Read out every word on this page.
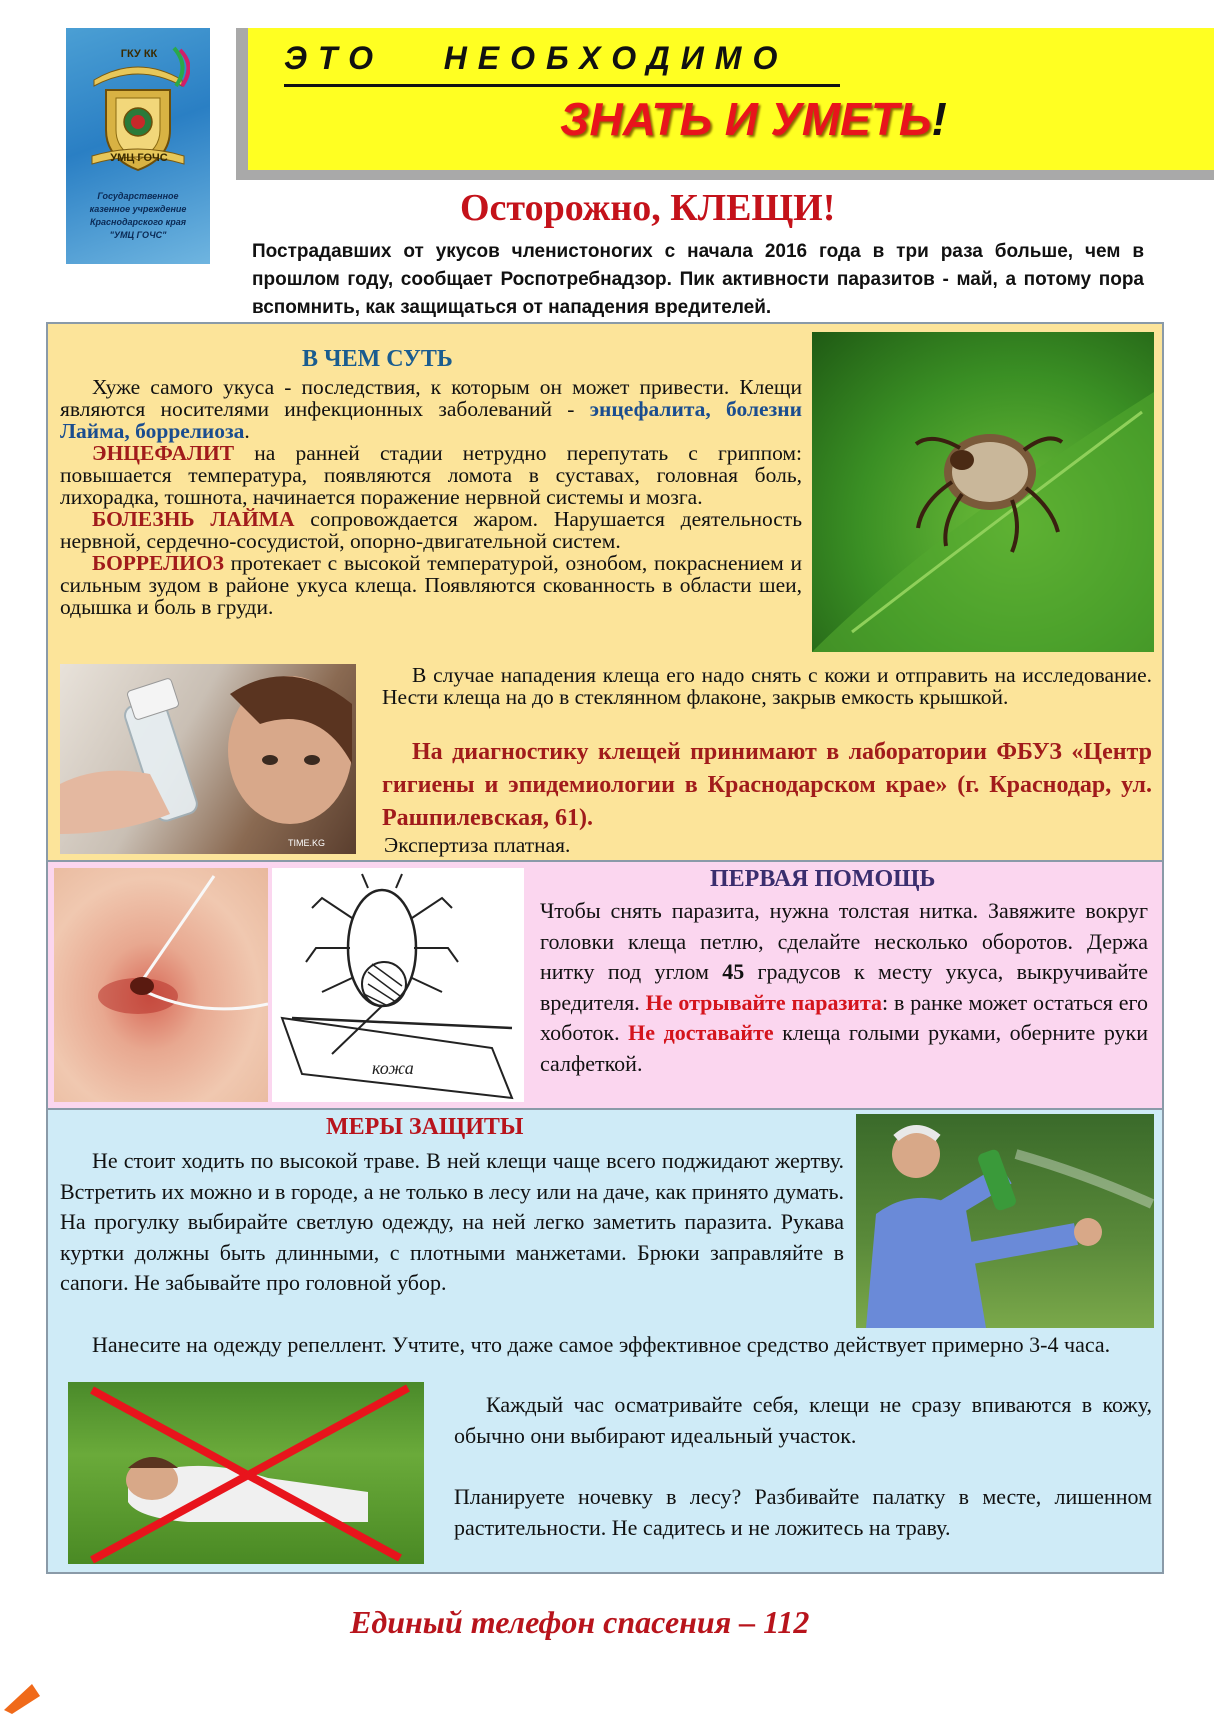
ГКУ КК
УМЦ ГОЧС
Государственное
казенное учреждение
Краснодарского края
"УМЦ ГОЧС"
ЭТО   НЕОБХОДИМО
ЗНАТЬ И УМЕТЬ!
Осторожно, КЛЕЩИ!
Пострадавших от укусов членистоногих с начала 2016 года в три раза больше, чем в прошлом году, сообщает Роспотребнадзор. Пик активности паразитов - май, а потому пора вспомнить, как защищаться от нападения вредителей.
В ЧЕМ СУТЬ
Хуже самого укуса - последствия, к которым он может привести. Клещи являются носителями инфекционных заболеваний - энцефалита, болезни Лайма, боррелиоза.
ЭНЦЕФАЛИТ на ранней стадии нетрудно перепутать с гриппом: повышается температура, появляются ломота в суставах, головная боль, лихорадка, тошнота, начинается поражение нервной системы и мозга.
БОЛЕЗНЬ ЛАЙМА сопровождается жаром. Нарушается деятельность нервной, сердечно-сосудистой, опорно-двигательной систем.
БОРРЕЛИОЗ протекает с высокой температурой, ознобом, покраснением и сильным зудом в районе укуса клеща. Появляются скованность в области шеи, одышка и боль в груди.
TIME.KG
В случае нападения клеща его надо снять с кожи и отправить на исследование. Нести клеща на до в стеклянном флаконе, закрыв емкость крышкой.
На диагностику клещей принимают в лаборатории ФБУЗ «Центр гигиены и эпидемиологии в Краснодарском крае» (г. Краснодар, ул. Рашпилевская, 61).
Экспертиза платная.
кожа
ПЕРВАЯ ПОМОЩЬ
Чтобы снять паразита, нужна толстая нитка. Завяжите вокруг головки клеща петлю, сделайте несколько оборотов. Держа нитку под углом 45 градусов к месту укуса, выкручивайте вредителя. Не отрывайте паразита: в ранке может остаться его хоботок. Не доставайте клеща голыми руками, оберните руки салфеткой.
МЕРЫ ЗАЩИТЫ
Не стоит ходить по высокой траве. В ней клещи чаще всего поджидают жертву. Встретить их можно и в городе, а не только в лесу или на даче, как принято думать. На прогулку выбирайте светлую одежду, на ней легко заметить паразита. Рукава куртки должны быть длинными, с плотными манжетами. Брюки заправляйте в сапоги. Не забывайте про головной убор.
Нанесите на одежду репеллент. Учтите, что даже самое эффективное средство действует примерно 3-4 часа.
Каждый час осматривайте себя, клещи не сразу впиваются в кожу, обычно они выбирают идеальный участок.
Планируете ночевку в лесу? Разбивайте палатку в месте, лишенном растительности. Не садитесь и не ложитесь на траву.
Единый телефон спасения – 112
